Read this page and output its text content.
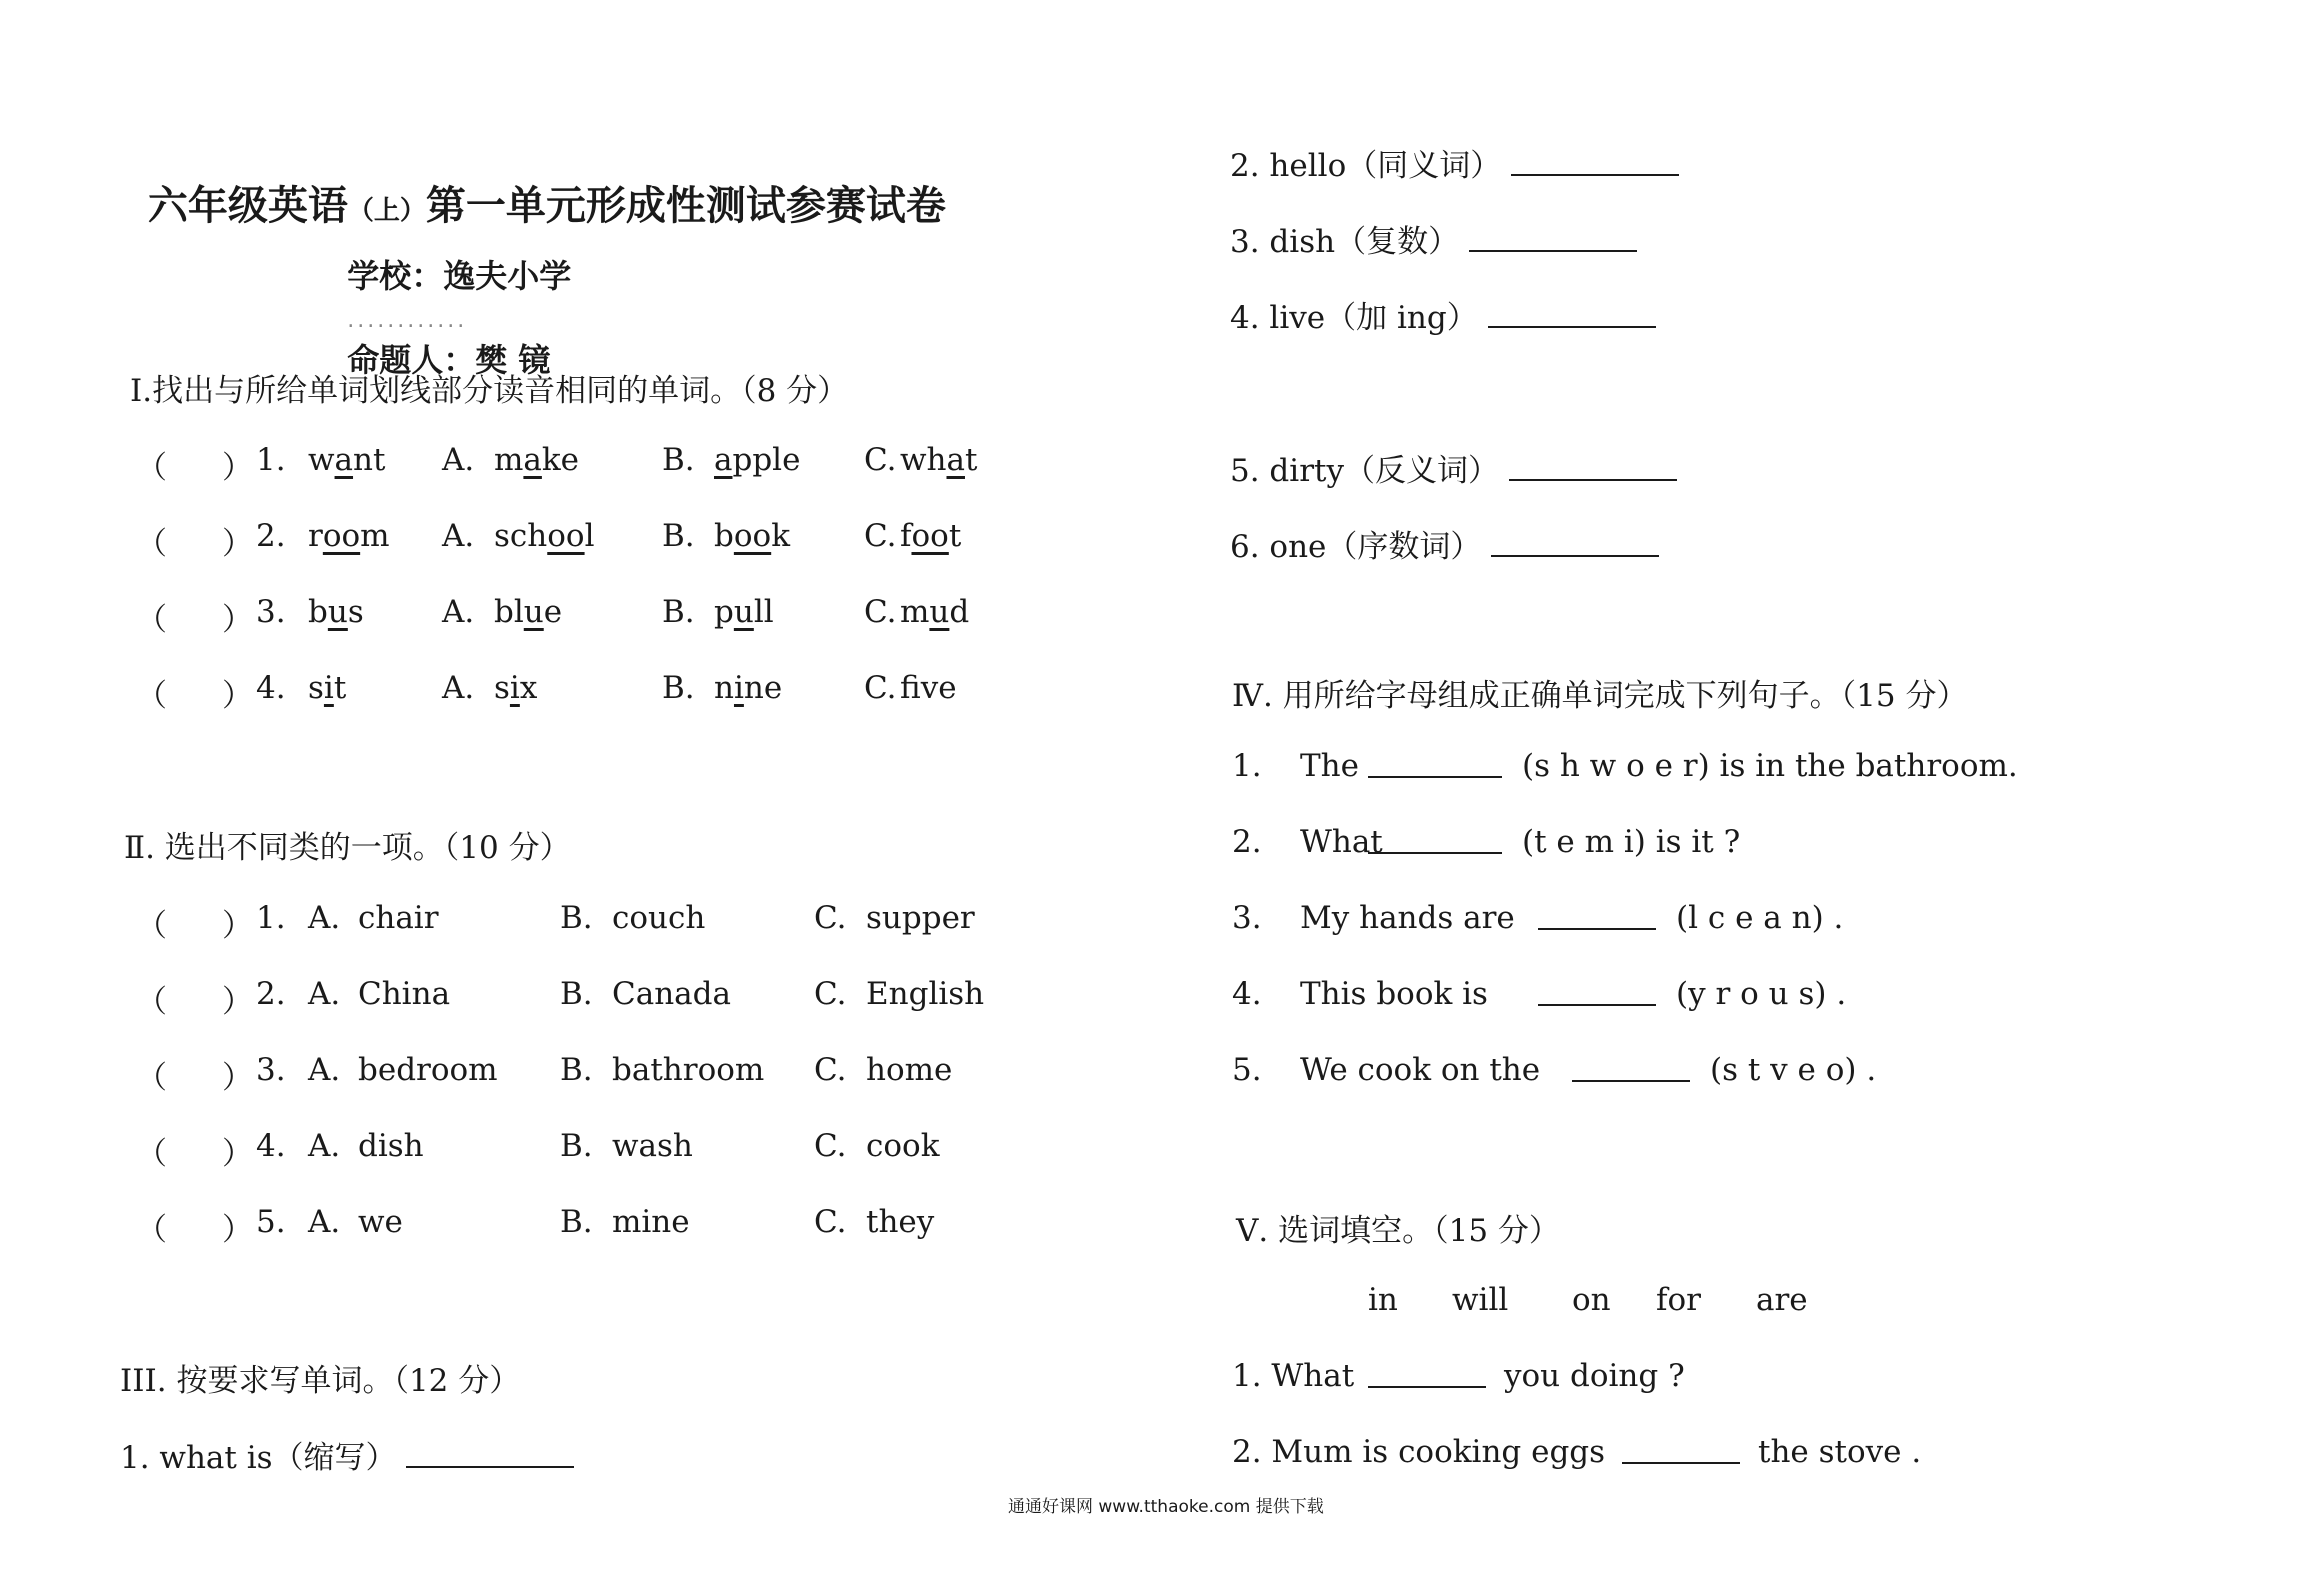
六年级英语（上）第一单元形成性测试参赛试卷

学校：逸夫小学
............
命题人：樊 镜

Ⅰ.找出与所给单词划线部分读音相同的单词。（8 分）
（ ） 1. want A. make	B. apple C. what
（ ） 2. room A. school B. book C. foot
（ ） 3. bus	A. blue	B. pull	C. mud
（ ） 4. sit	A. six	B. nine	C. fve
Ⅱ. 选出不同类的一项。（10 分）
（ ） 1. A. chair	B. couch	C. supper
（ ） 2. A. China	B. Canada	C. English
（ ） 3. A. bedroom B. bathroom C. home
（ ） 4. A. dish	B. wash	C. cook
（ ） 5. A. we	B. mine	C. they
III. 按要求写单词。（12 分）
1. what is（缩写）
2. hello（同义词）
3. dish（复数）
4. live（加 ing）
5. dirty（反义词）
6. one（序数词）
Ⅳ. 用所给字母组成正确单词完成下列句子。（15 分）
1. The	(s h w o e r) is in the bathroom.
2. What	(t e m i) is it ?
3. My hands are	(l c e a n) .
4. This book is	(y r o u s) .
5. We cook on the	(s t v e o) .
Ⅴ. 选词填空。（15 分）
in will on for are
1. What	you doing ?
2. Mum is cooking eggs	the stove .
通通好课网 www.tthaoke.com 提供下载
